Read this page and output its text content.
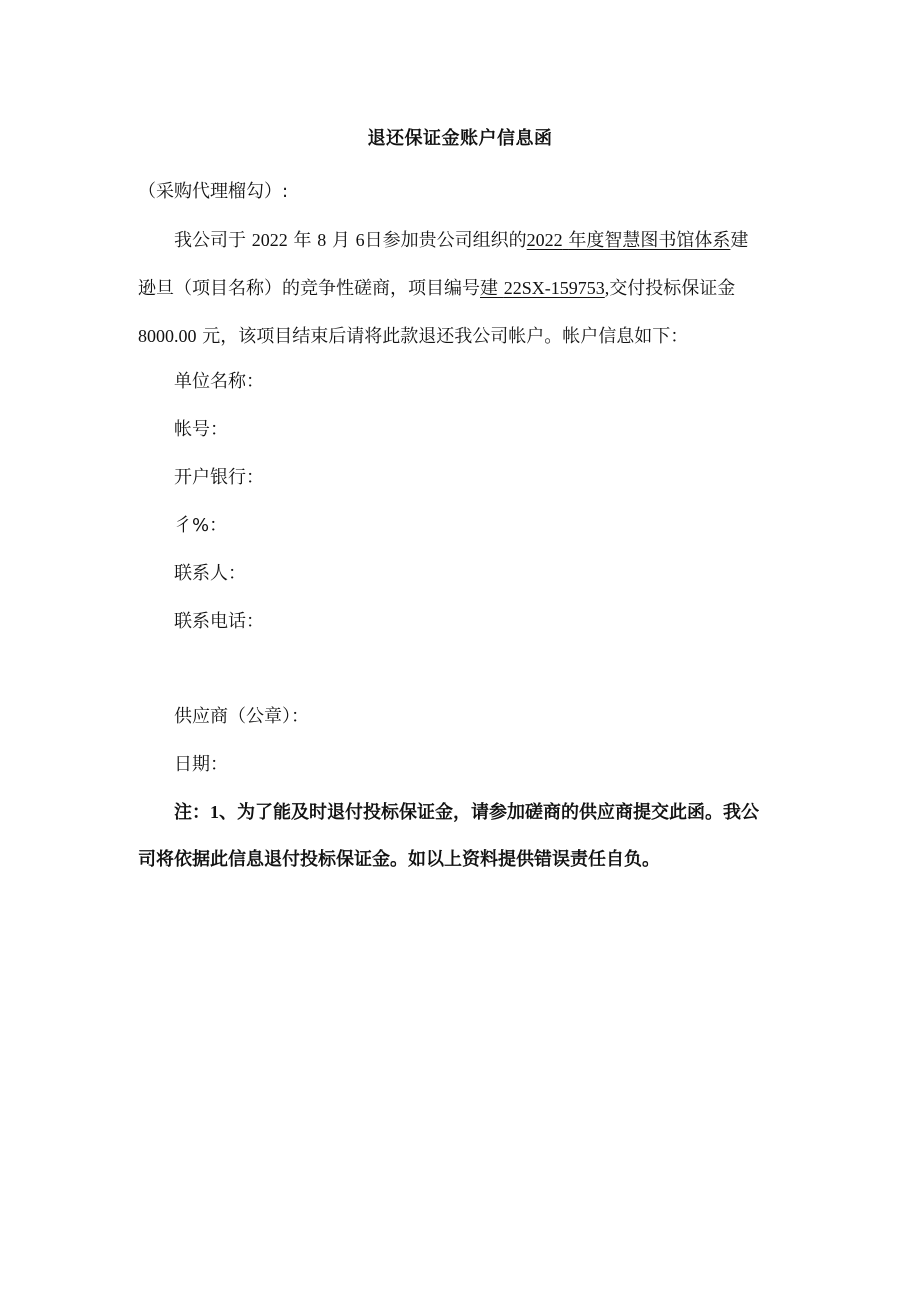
退还保证金账户信息函
（采购代理榴勾）:
我公司于 2022 年 8 月 6日参加贵公司组织的2022 年度智慧图书馆体系建
逊旦（项目名称）的竞争性磋商，项目编号建 22SX-159753,交付投标保证金
8000.00 元，该项目结束后请将此款退还我公司帐户。帐户信息如下：
单位名称：
帐号：
开户银行：
彳%：
联系人：
联系电话：
供应商（公章）：
日期：
注：1、为了能及时退付投标保证金，请参加磋商的供应商提交此函。我公
司将依据此信息退付投标保证金。如以上资料提供错误责任自负。
